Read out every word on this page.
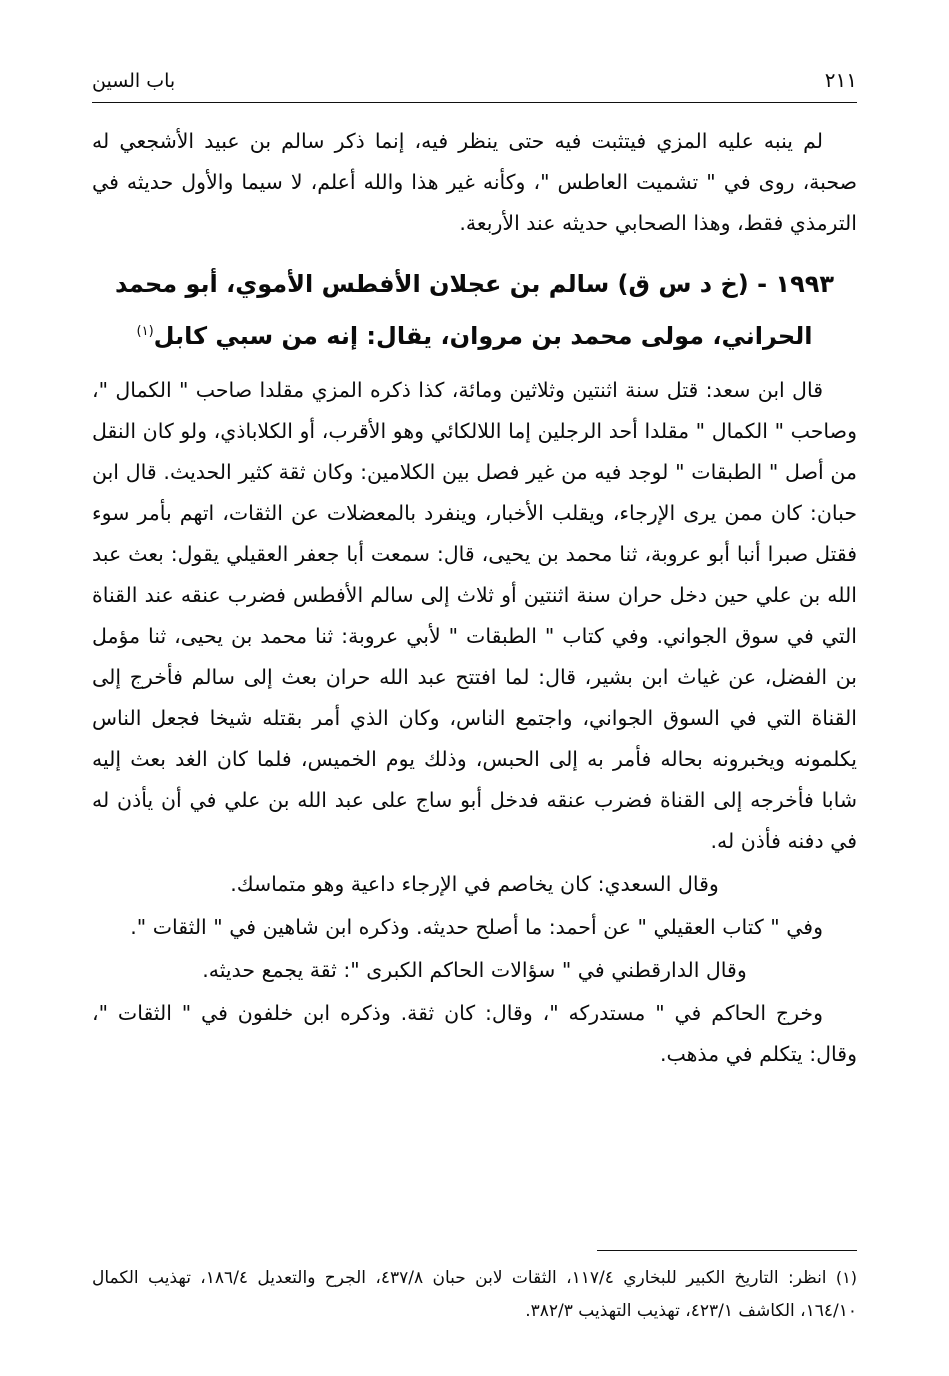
باب السين	٢١١

لم ينبه عليه المزي فيتثبت فيه حتى ينظر فيه، إنما ذكر سالم بن عبيد الأشجعي له صحبة، روى في " تشميت العاطس "، وكأنه غير هذا والله أعلم، لا سيما والأول حديثه في الترمذي فقط، وهذا الصحابي حديثه عند الأربعة.

١٩٩٣ - (خ د س ق) سالم بن عجلان الأفطس الأموي، أبو محمد
الحراني، مولى محمد بن مروان، يقال: إنه من سبي كابل$^{(١)}$

قال ابن سعد: قتل سنة اثنتين وثلاثين ومائة، كذا ذكره المزي مقلدا صاحب " الكمال "، وصاحب " الكمال " مقلدا أحد الرجلين إما اللالكائي وهو الأقرب، أو الكلاباذي، ولو كان النقل من أصل " الطبقات " لوجد فيه من غير فصل بين الكلامين: وكان ثقة كثير الحديث. قال ابن حبان: كان ممن يرى الإرجاء، ويقلب الأخبار، وينفرد بالمعضلات عن الثقات، اتهم بأمر سوء فقتل صبرا أنبا أبو عروبة، ثنا محمد بن يحيى، قال: سمعت أبا جعفر العقيلي يقول: بعث عبد الله بن علي حين دخل حران سنة اثنتين أو ثلاث إلى سالم الأفطس فضرب عنقه عند القناة التي في سوق الجواني. وفي كتاب " الطبقات " لأبي عروبة: ثنا محمد بن يحيى، ثنا مؤمل بن الفضل، عن غياث ابن بشير، قال: لما افتتح عبد الله حران بعث إلى سالم فأخرج إلى القناة التي في السوق الجواني، واجتمع الناس، وكان الذي أمر بقتله شيخا فجعل الناس يكلمونه ويخبرونه بحاله فأمر به إلى الحبس، وذلك يوم الخميس، فلما كان الغد بعث إليه شابا فأخرجه إلى القناة فضرب عنقه فدخل أبو ساج على عبد الله بن علي في أن يأذن له في دفنه فأذن له.

وقال السعدي: كان يخاصم في الإرجاء داعية وهو متماسك.

وفي " كتاب العقيلي " عن أحمد: ما أصلح حديثه. وذكره ابن شاهين في " الثقات ".

وقال الدارقطني في " سؤالات الحاكم الكبرى ": ثقة يجمع حديثه.

وخرج الحاكم في " مستدركه "، وقال: كان ثقة. وذكره ابن خلفون في " الثقات "، وقال: يتكلم في مذهب.

(١) انظر: التاريخ الكبير للبخاري ١١٧/٤، الثقات لابن حبان ٤٣٧/٨، الجرح والتعديل ١٨٦/٤، تهذيب الكمال ١٦٤/١٠، الكاشف ٤٢٣/١، تهذيب التهذيب ٣٨٢/٣.
